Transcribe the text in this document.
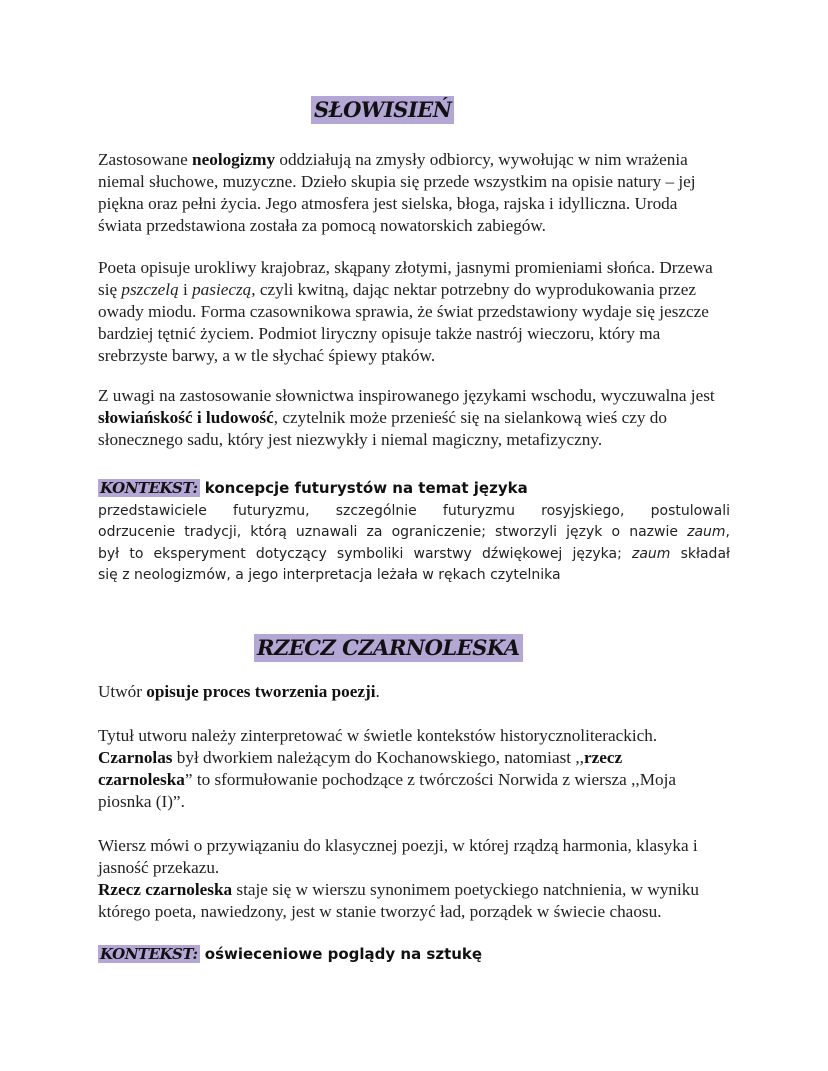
SŁOWISIEŃ
Zastosowane neologizmy oddziałują na zmysły odbiorcy, wywołując w nim wrażenia
niemal słuchowe, muzyczne. Dzieło skupia się przede wszystkim na opisie natury – jej
piękna oraz pełni życia. Jego atmosfera jest sielska, błoga, rajska i idylliczna. Uroda
świata przedstawiona została za pomocą nowatorskich zabiegów.
Poeta opisuje urokliwy krajobraz, skąpany złotymi, jasnymi promieniami słońca. Drzewa
się pszczelą i pasieczą, czyli kwitną, dając nektar potrzebny do wyprodukowania przez
owady miodu. Forma czasownikowa sprawia, że świat przedstawiony wydaje się jeszcze
bardziej tętnić życiem. Podmiot liryczny opisuje także nastrój wieczoru, który ma
srebrzyste barwy, a w tle słychać śpiewy ptaków.
Z uwagi na zastosowanie słownictwa inspirowanego językami wschodu, wyczuwalna jest
słowiańskość i ludowość, czytelnik może przenieść się na sielankową wieś czy do
słonecznego sadu, który jest niezwykły i niemal magiczny, metafizyczny.
KONTEKST: koncepcje futurystów na temat języka
przedstawiciele futuryzmu, szczególnie futuryzmu rosyjskiego, postulowali
odrzucenie tradycji, którą uznawali za ograniczenie; stworzyli język o nazwie zaum,
był to eksperyment dotyczący symboliki warstwy dźwiękowej języka; zaum składał
się z neologizmów, a jego interpretacja leżała w rękach czytelnika
RZECZ CZARNOLESKA
Utwór opisuje proces tworzenia poezji.
Tytuł utworu należy zinterpretować w świetle kontekstów historycznoliterackich.
Czarnolas był dworkiem należącym do Kochanowskiego, natomiast ,,rzecz
czarnoleska” to sformułowanie pochodzące z twórczości Norwida z wiersza ,,Moja
piosnka (I)”.
Wiersz mówi o przywiązaniu do klasycznej poezji, w której rządzą harmonia, klasyka i
jasność przekazu.
Rzecz czarnoleska staje się w wierszu synonimem poetyckiego natchnienia, w wyniku
którego poeta, nawiedzony, jest w stanie tworzyć ład, porządek w świecie chaosu.
KONTEKST: oświeceniowe poglądy na sztukę
